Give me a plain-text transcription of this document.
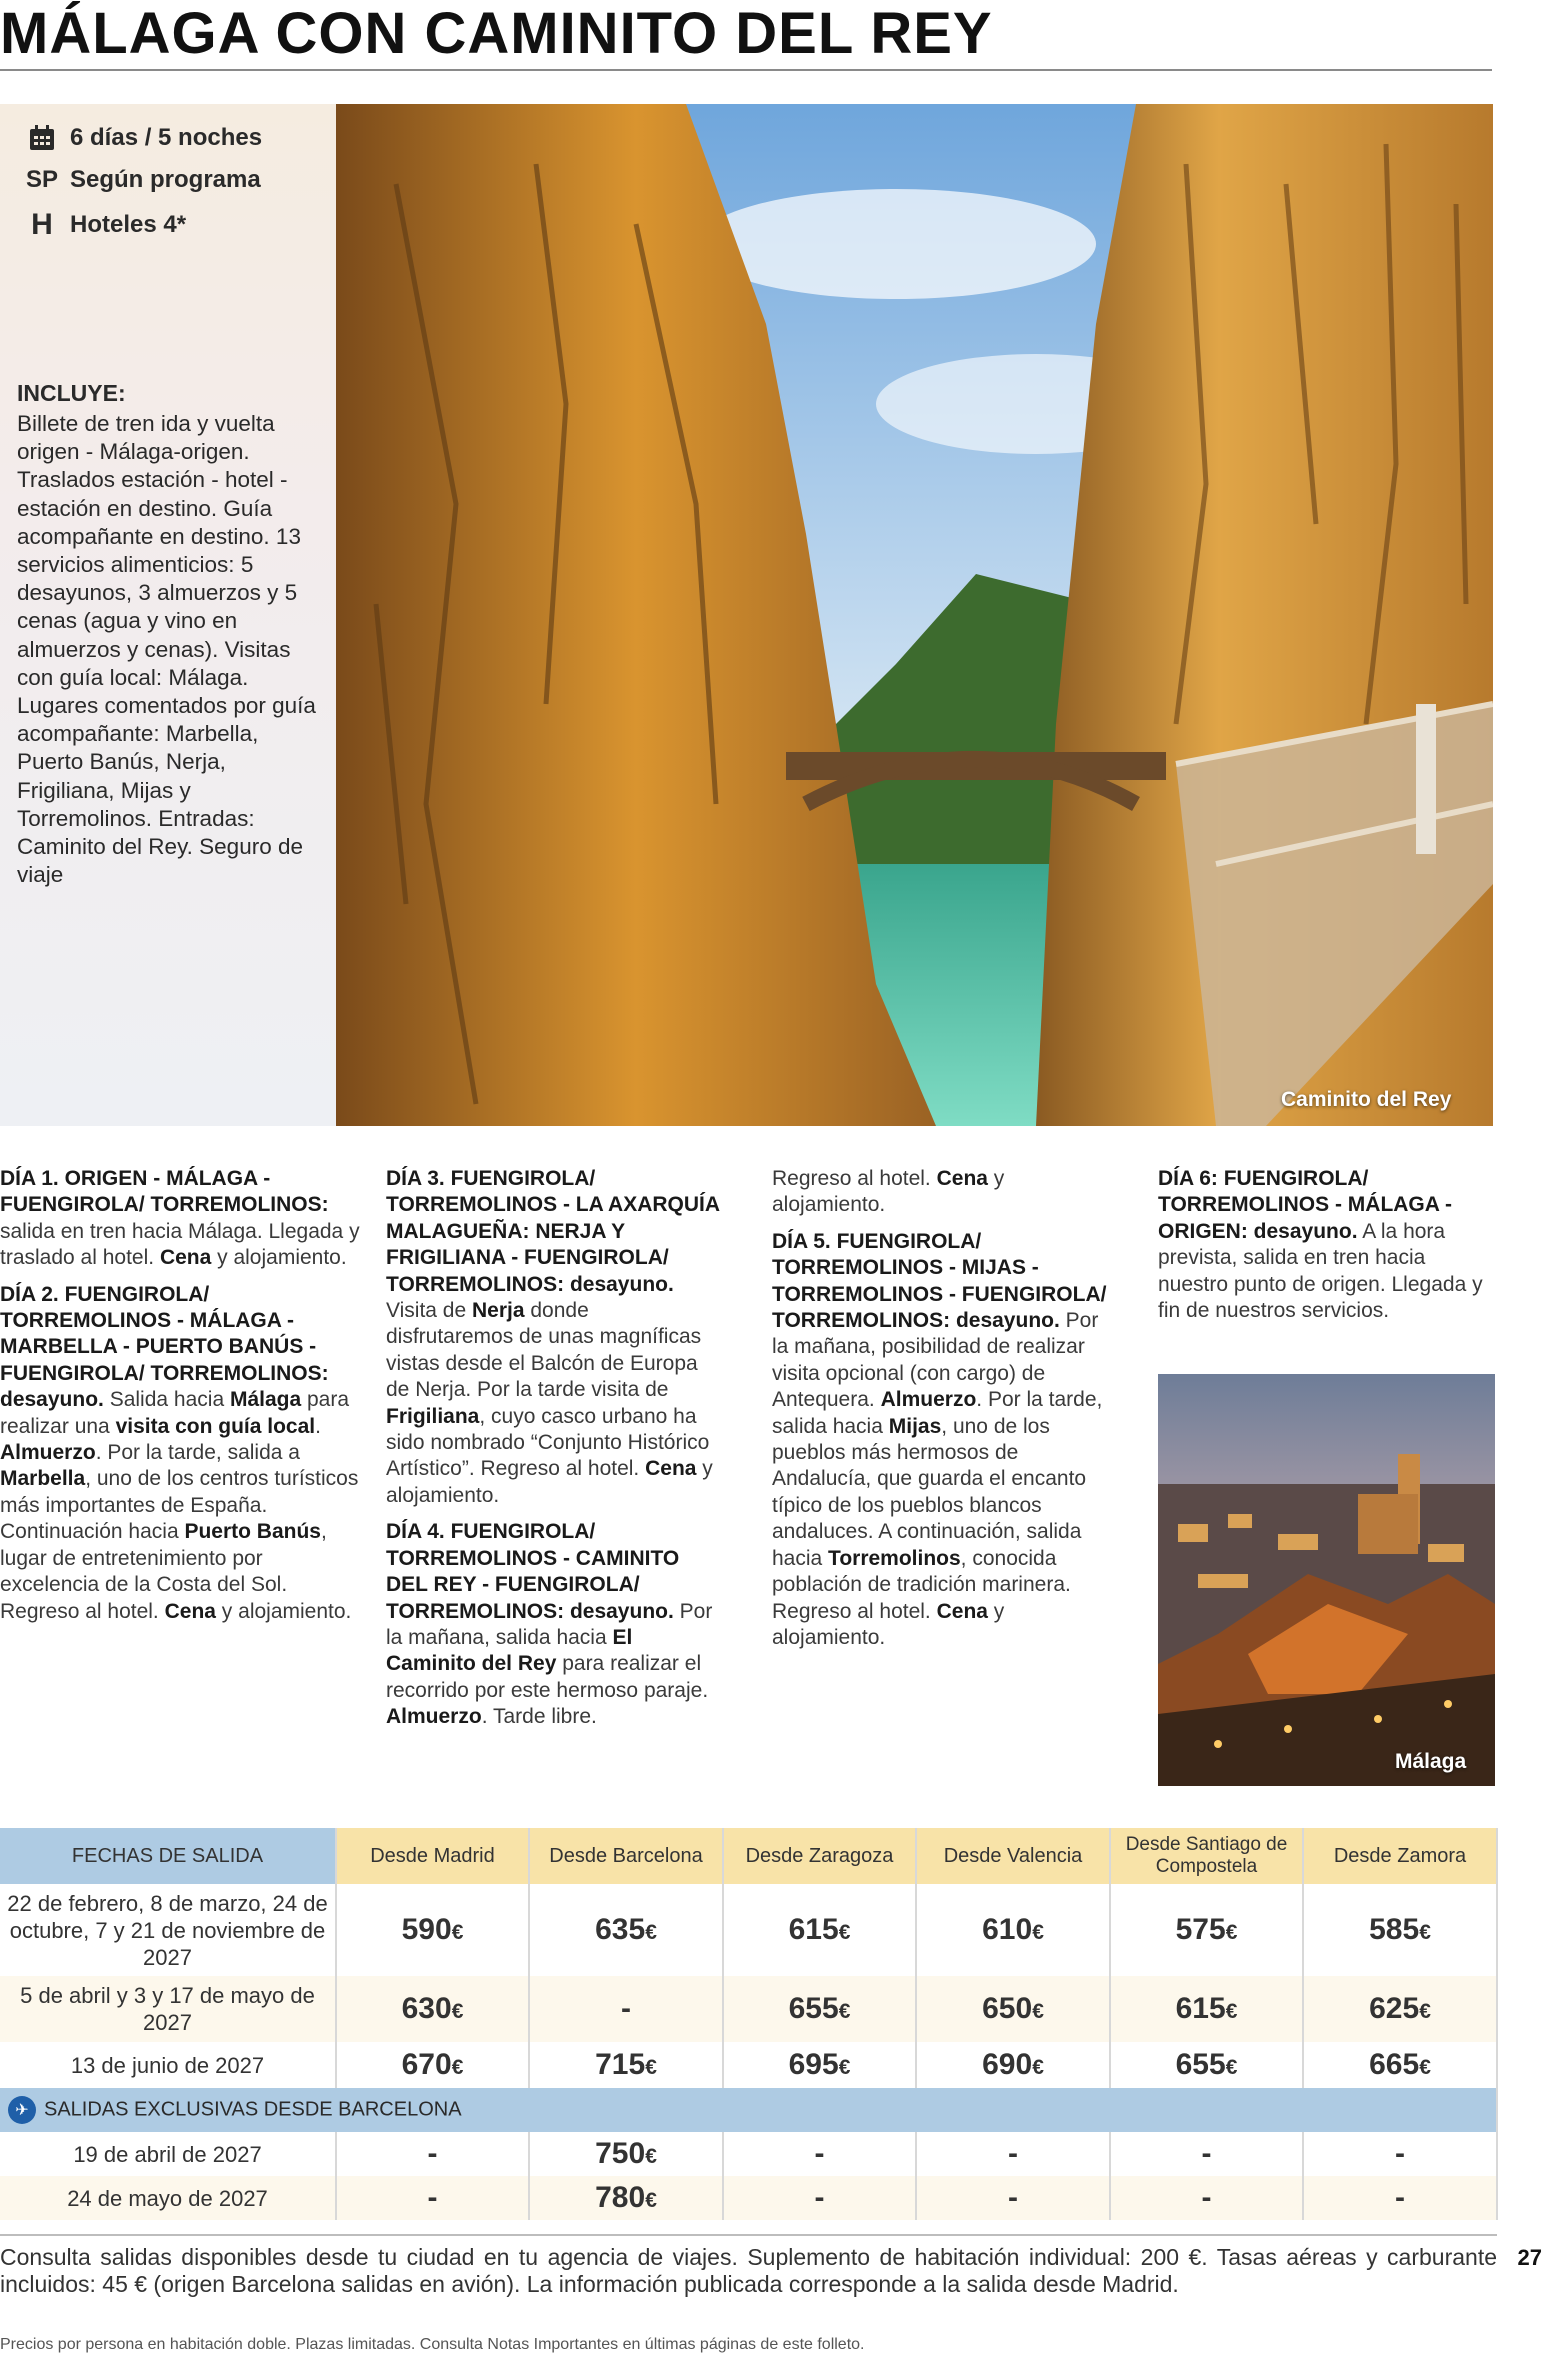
MÁLAGA CON CAMINITO DEL REY
6 días / 5 noches
SP Según programa
H Hoteles 4*
INCLUYE:
Billete de tren ida y vuelta origen - Málaga-origen. Traslados estación - hotel - estación en destino. Guía acompañante en destino. 13 servicios alimenticios: 5 desayunos, 3 almuerzos y 5 cenas (agua y vino en almuerzos y cenas). Visitas con guía local: Málaga. Lugares comentados por guía acompañante: Marbella, Puerto Banús, Nerja, Frigiliana, Mijas y Torremolinos. Entradas: Caminito del Rey. Seguro de viaje
Caminito del Rey

DÍA 1. ORIGEN - MÁLAGA - FUENGIROLA/ TORREMOLINOS: salida en tren hacia Málaga. Llegada y traslado al hotel. Cena y alojamiento.

DÍA 2. FUENGIROLA/ TORREMOLINOS - MÁLAGA - MARBELLA - PUERTO BANÚS - FUENGIROLA/ TORREMOLINOS: desayuno. Salida hacia Málaga para realizar una visita con guía local. Almuerzo. Por la tarde, salida a Marbella, uno de los centros turísticos más importantes de España. Continuación hacia Puerto Banús, lugar de entretenimiento por excelencia de la Costa del Sol. Regreso al hotel. Cena y alojamiento.

DÍA 3. FUENGIROLA/ TORREMOLINOS - LA AXARQUÍA MALAGUEÑA: NERJA Y FRIGILIANA - FUENGIROLA/ TORREMOLINOS: desayuno. Visita de Nerja donde disfrutaremos de unas magníficas vistas desde el Balcón de Europa de Nerja. Por la tarde visita de Frigiliana, cuyo casco urbano ha sido nombrado “Conjunto Histórico Artístico”. Regreso al hotel. Cena y alojamiento.

DÍA 4. FUENGIROLA/ TORREMOLINOS - CAMINITO DEL REY - FUENGIROLA/ TORREMOLINOS: desayuno. Por la mañana, salida hacia El Caminito del Rey para realizar el recorrido por este hermoso paraje. Almuerzo. Tarde libre.

Regreso al hotel. Cena y alojamiento.

DÍA 5. FUENGIROLA/ TORREMOLINOS - MIJAS - TORREMOLINOS - FUENGIROLA/ TORREMOLINOS: desayuno. Por la mañana, posibilidad de realizar visita opcional (con cargo) de Antequera. Almuerzo. Por la tarde, salida hacia Mijas, uno de los pueblos más hermosos de Andalucía, que guarda el encanto típico de los pueblos blancos andaluces. A continuación, salida hacia Torremolinos, conocida población de tradición marinera. Regreso al hotel. Cena y alojamiento.

DÍA 6: FUENGIROLA/ TORREMOLINOS - MÁLAGA - ORIGEN: desayuno. A la hora prevista, salida en tren hacia nuestro punto de origen. Llegada y fin de nuestros servicios.

Málaga
FECHAS DE SALIDA	Desde Madrid	Desde Barcelona	Desde Zaragoza	Desde Valencia	Desde Santiago de Compostela	Desde Zamora
22 de febrero, 8 de marzo, 24 de octubre, 7 y 21 de noviembre de 2027	590€	635€	615€	610€	575€	585€
5 de abril y 3 y 17 de mayo de 2027	630€	-	655€	650€	615€	625€
13 de junio de 2027	670€	715€	695€	690€	655€	665€
✈ SALIDAS EXCLUSIVAS DESDE BARCELONA						
19 de abril de 2027	-	750€	-	-	-	-
24 de mayo de 2027	-	780€	-	-	-	-
Consulta salidas disponibles desde tu ciudad en tu agencia de viajes. Suplemento de habitación individual: 200 €. Tasas aéreas y carburante incluidos: 45 € (origen Barcelona salidas en avión). La información publicada corresponde a la salida desde Madrid.
27
Precios por persona en habitación doble. Plazas limitadas. Consulta Notas Importantes en últimas páginas de este folleto.
